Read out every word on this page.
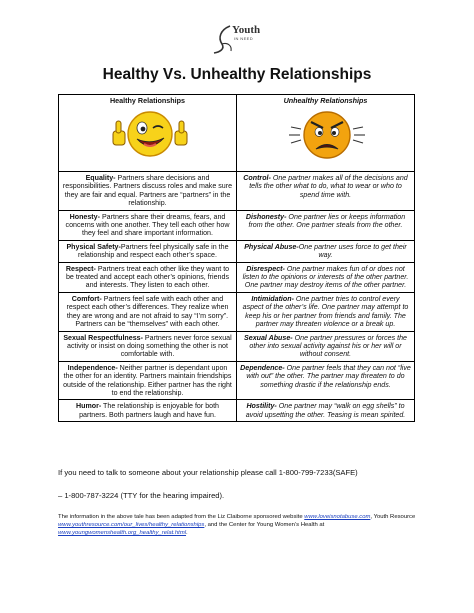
Youth
IN NEED
Healthy Vs. Unhealthy Relationships
Healthy Relationships	Unhealthy Relationships

Equality- Partners share decisions and responsibilities. Partners discuss roles and make sure they are fair and equal. Partners are “partners” in the relationship.	Control- One partner makes all of the decisions and tells the other what to do, what to wear or who to spend time with.
Honesty- Partners share their dreams, fears, and concerns with one another. They tell each other how they feel and share important information.	Dishonesty- One partner lies or keeps information from the other. One partner steals from the other.
Physical Safety-Partners feel physically safe in the relationship and respect each other’s space.	Physical Abuse-One partner uses force to get their way.
Respect- Partners treat each other like they want to be treated and accept each other’s opinions, friends and interests. They listen to each other.	Disrespect- One partner makes fun of or does not listen to the opinions or interests of the other partner. One partner may destroy items of the other partner.
Comfort- Partners feel safe with each other and respect each other’s differences. They realize when they are wrong and are not afraid to say “I’m sorry”. Partners can be “themselves” with each other.	Intimidation- One partner tries to control every aspect of the other’s life. One partner may attempt to keep his or her partner from friends and family. The partner may threaten violence or a break up.
Sexual Respectfulness- Partners never force sexual activity or insist on doing something the other is not comfortable with.	Sexual Abuse- One partner pressures or forces the other into sexual activity against his or her will or without consent.
Independence- Neither partner is dependant upon the other for an identity. Partners maintain friendships outside of the relationship. Either partner has the right to end the relationship.	Dependence- One partner feels that they can not “live with out” the other. The partner may threaten to do something drastic if the relationship ends.
Humor- The relationship is enjoyable for both partners. Both partners laugh and have fun.	Hostility- One partner may “walk on egg shells” to avoid upsetting the other. Teasing is mean spirited.
If you need to talk to someone about your relationship please call 1-800-799-7233(SAFE)
– 1-800-787-3224 (TTY for the hearing impaired).
The information in the above tale has been adapted from the Liz Claiborne sponsored website www.loveisnotabuse.com, Youth Resource www.youthresource.com/our_lives/healthy_relationships, and the Center for Young Women’s Health at www.youngwomenshealth.org_healthy_relat.html.
